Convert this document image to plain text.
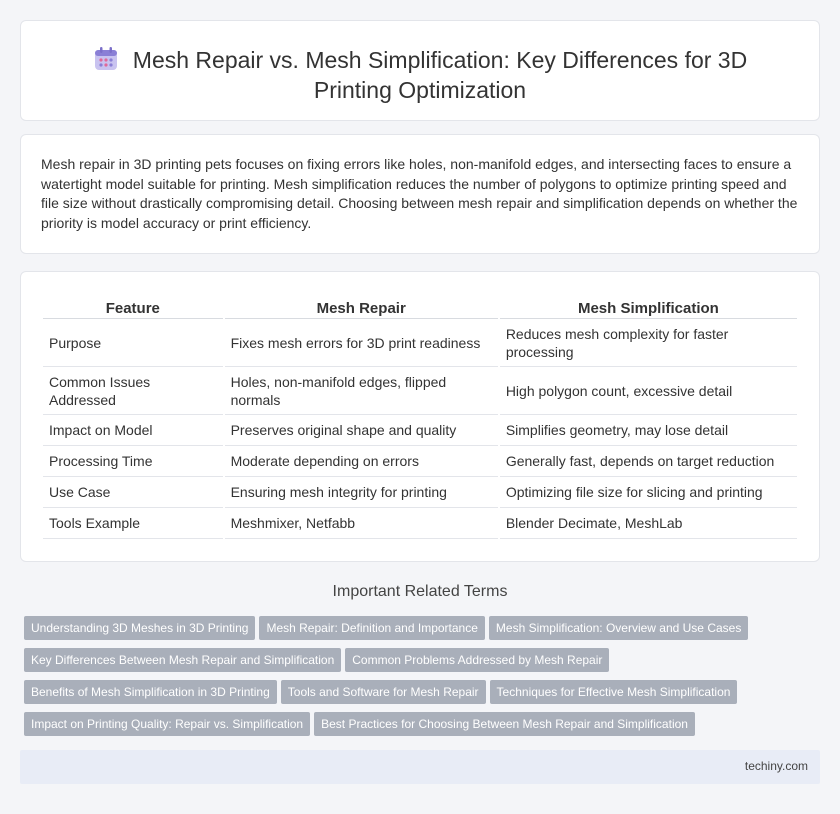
Mesh Repair vs. Mesh Simplification: Key Differences for 3D
Printing Optimization

Mesh repair in 3D printing pets focuses on fixing errors like holes, non-manifold edges, and intersecting faces to ensure a watertight model suitable for printing. Mesh simplification reduces the number of polygons to optimize printing speed and file size without drastically compromising detail. Choosing between mesh repair and simplification depends on whether the priority is model accuracy or print efficiency.

Feature	Mesh Repair	Mesh Simplification
Purpose	Fixes mesh errors for 3D print readiness	Reduces mesh complexity for faster processing
Common Issues Addressed	Holes, non-manifold edges, flipped normals	High polygon count, excessive detail
Impact on Model	Preserves original shape and quality	Simplifies geometry, may lose detail
Processing Time	Moderate depending on errors	Generally fast, depends on target reduction
Use Case	Ensuring mesh integrity for printing	Optimizing file size for slicing and printing
Tools Example	Meshmixer, Netfabb	Blender Decimate, MeshLab
Important Related Terms
Understanding 3D Meshes in 3D Printing Mesh Repair: Definition and Importance Mesh Simplification: Overview and Use Cases
Key Differences Between Mesh Repair and Simplification Common Problems Addressed by Mesh Repair
Benefits of Mesh Simplification in 3D Printing Tools and Software for Mesh Repair Techniques for Effective Mesh Simplification
Impact on Printing Quality: Repair vs. Simplification Best Practices for Choosing Between Mesh Repair and Simplification
techiny.com
